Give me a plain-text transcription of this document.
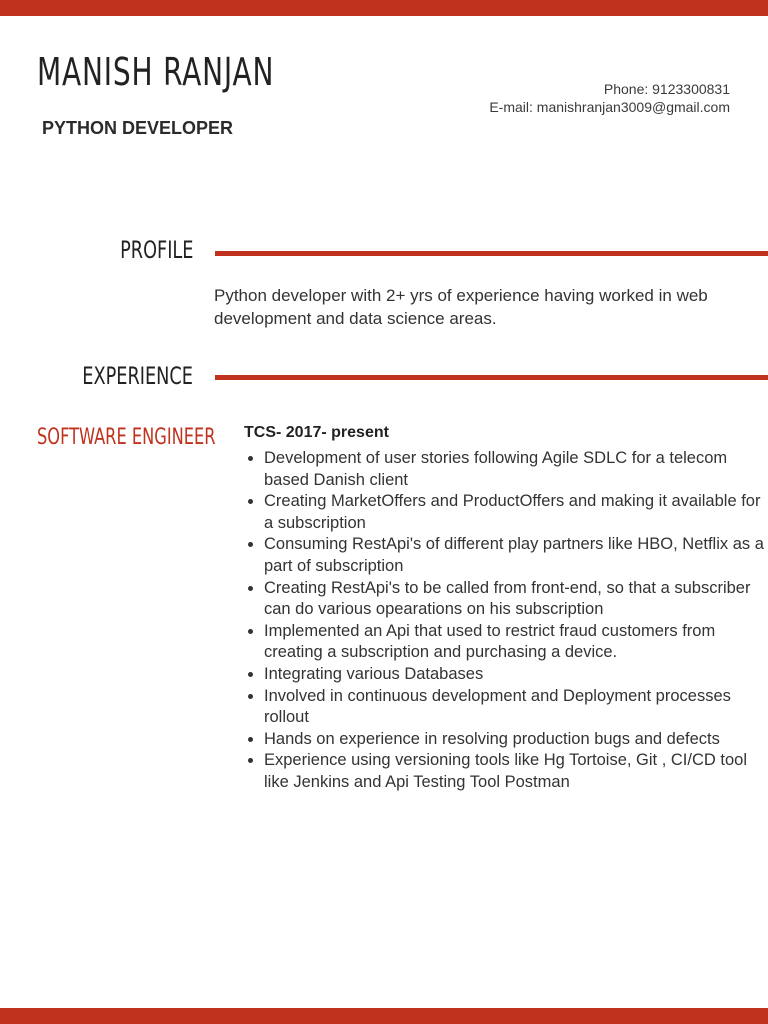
MANISH RANJAN
PYTHON DEVELOPER
Phone: 9123300831
E-mail: manishranjan3009@gmail.com
PROFILE
Python developer with 2+ yrs of experience having worked in web development and data science areas.
EXPERIENCE
SOFTWARE ENGINEER TCS- 2017- present
• Development of user stories following Agile SDLC for a telecom based Danish client
• Creating MarketOffers and ProductOffers and making it available for a subscription
• Consuming RestApi's of different play partners like HBO, Netflix as a part of subscription
• Creating RestApi's to be called from front-end, so that a subscriber can do various opearations on his subscription
• Implemented an Api that used to restrict fraud customers from creating a subscription and purchasing a device.
• Integrating various Databases
• Involved in continuous development and Deployment processes rollout
• Hands on experience in resolving production bugs and defects
• Experience using versioning tools like Hg Tortoise, Git , CI/CD tool like Jenkins and Api Testing Tool Postman
